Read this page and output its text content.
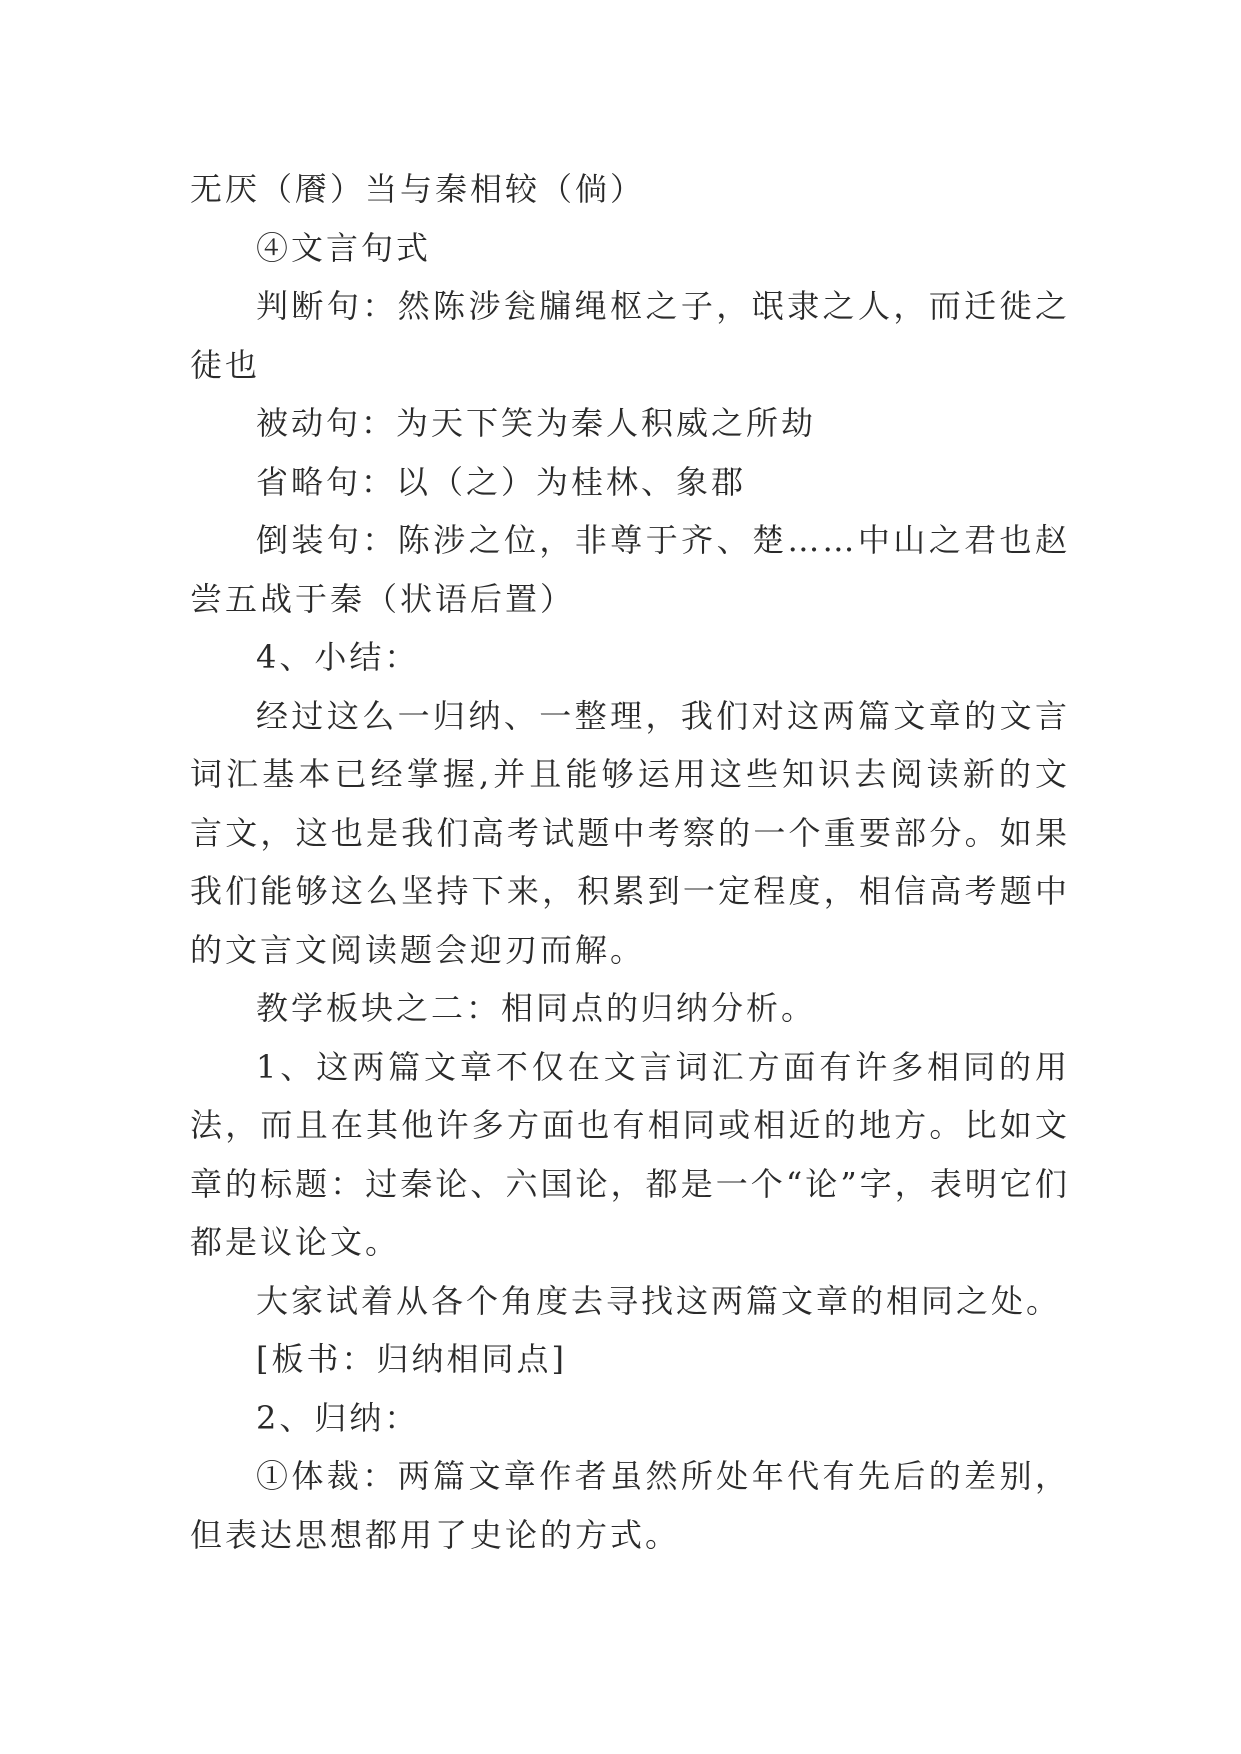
无厌（餍）当与秦相较（倘）

④文言句式

判断句：然陈涉瓮牖绳枢之子，氓隶之人，而迁徙之徒也

被动句：为天下笑为秦人积威之所劫

省略句：以（之）为桂林、象郡

倒装句：陈涉之位，非尊于齐、楚……中山之君也赵尝五战于秦（状语后置）

4、小结：

经过这么一归纳、一整理，我们对这两篇文章的文言词汇基本已经掌握,并且能够运用这些知识去阅读新的文言文，这也是我们高考试题中考察的一个重要部分。如果我们能够这么坚持下来，积累到一定程度，相信高考题中的文言文阅读题会迎刃而解。

教学板块之二：相同点的归纳分析。

1、这两篇文章不仅在文言词汇方面有许多相同的用法，而且在其他许多方面也有相同或相近的地方。比如文章的标题：过秦论、六国论，都是一个“论”字，表明它们都是议论文。

大家试着从各个角度去寻找这两篇文章的相同之处。

[板书：归纳相同点]

2、归纳：

①体裁：两篇文章作者虽然所处年代有先后的差别，但表达思想都用了史论的方式。
